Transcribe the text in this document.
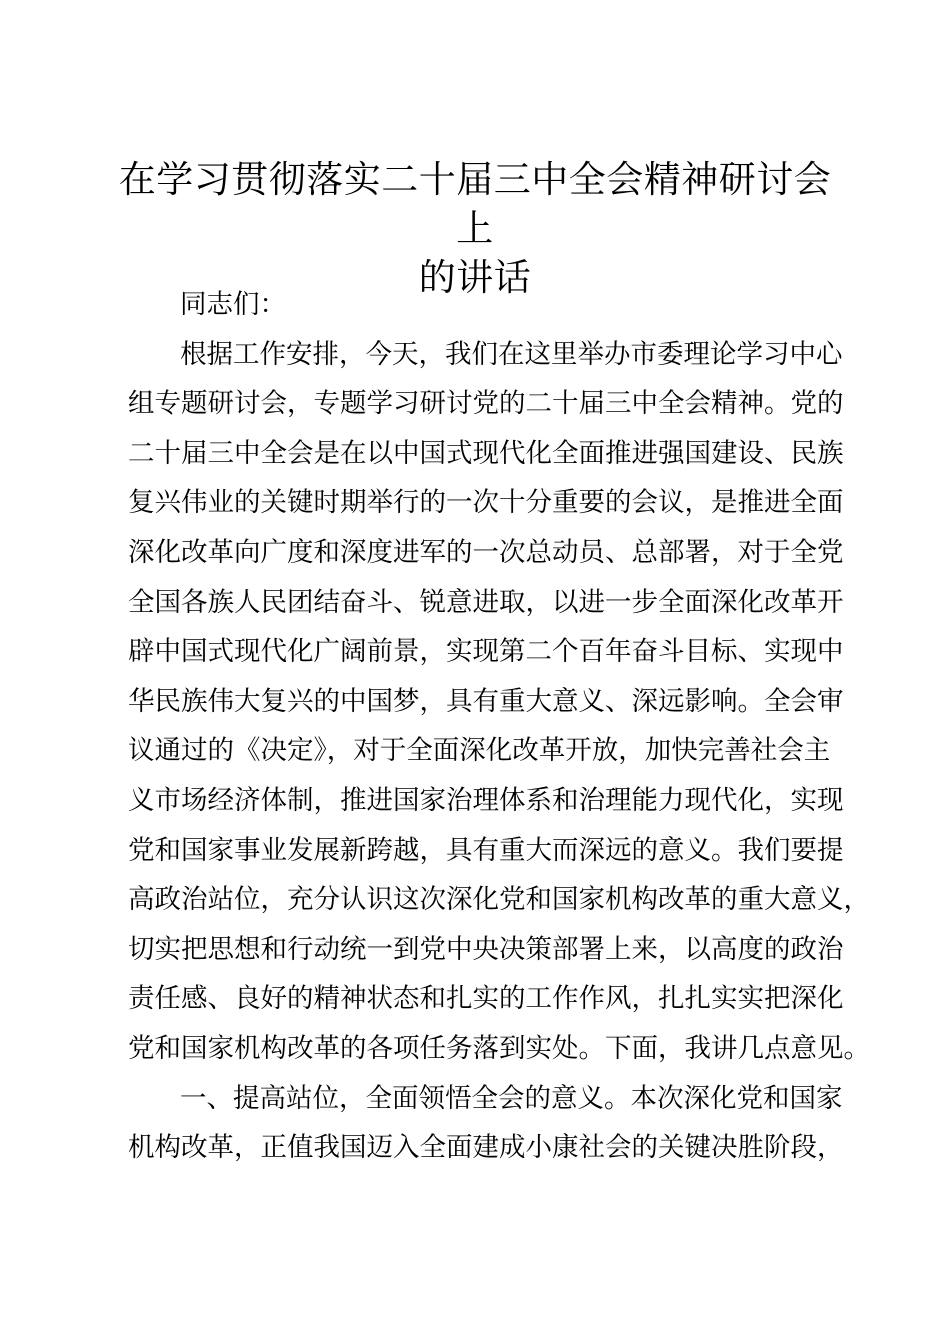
在学习贯彻落实二十届三中全会精神研讨会上
的讲话
同志们：
根据工作安排，今天，我们在这里举办市委理论学习中心
组专题研讨会，专题学习研讨党的二十届三中全会精神。党的
二十届三中全会是在以中国式现代化全面推进强国建设、民族
复兴伟业的关键时期举行的一次十分重要的会议，是推进全面
深化改革向广度和深度进军的一次总动员、总部署，对于全党
全国各族人民团结奋斗、锐意进取，以进一步全面深化改革开
辟中国式现代化广阔前景，实现第二个百年奋斗目标、实现中
华民族伟大复兴的中国梦，具有重大意义、深远影响。全会审
议通过的《决定》，对于全面深化改革开放，加快完善社会主
义市场经济体制，推进国家治理体系和治理能力现代化，实现
党和国家事业发展新跨越，具有重大而深远的意义。我们要提
高政治站位，充分认识这次深化党和国家机构改革的重大意义，
切实把思想和行动统一到党中央决策部署上来，以高度的政治
责任感、良好的精神状态和扎实的工作作风，扎扎实实把深化
党和国家机构改革的各项任务落到实处。下面，我讲几点意见。
一、提高站位，全面领悟全会的意义。本次深化党和国家
机构改革，正值我国迈入全面建成小康社会的关键决胜阶段，
